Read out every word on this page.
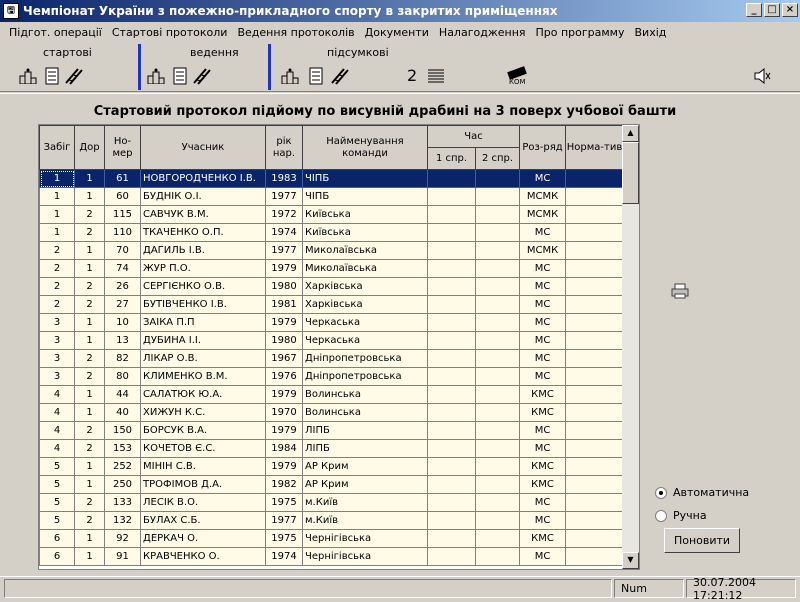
🖫 Чемпіонат України з пожежно-прикладного спорту в закритих приміщеннях	_	□ ×
Підгот. операції Стартові протоколи Ведення протоколів Документи Налагодження Про программу Вихід
стартові	ведення	підсумкові
2	КОМ
Стартовий протокол підйому по висувній драбині на 3 поверх учбової башти
Забіг	Дор	Но-мер	Учасник	рік нар.	Найменування команди	Час		Роз-ряд	Норма-тив
						1 спр.	2 спр.		
1	1	61	НОВГОРОДЧЕНКО І.В.	1983	ЧІПБ			МС	
1	1	60	БУДНІК О.І.	1977	ЧІПБ			МСМК	
1	2	115	САВЧУК В.М.	1972	Київська			МСМК	
1	2	110	ТКАЧЕНКО О.П.	1974	Київська			МС	
2	1	70	ДАГИЛЬ І.В.	1977	Миколаївська			МСМК	
2	1	74	ЖУР П.О.	1979	Миколаївська			МС	
2	2	26	СЕРГІЄНКО О.В.	1980	Харківська			МС	
2	2	27	БУТІВЧЕНКО І.В.	1981	Харківська			МС	
3	1	10	ЗАІКА П.П	1979	Черкаська			МС	
3	1	13	ДУБИНА І.І.	1980	Черкаська			МС	
3	2	82	ЛІКАР О.В.	1967	Дніпропетровська			МС	
3	2	80	КЛИМЕНКО В.М.	1976	Дніпропетровська			МС	
4	1	44	САЛАТЮК Ю.А.	1979	Волинська			КМС	
4	1	40	ХИЖУН К.С.	1970	Волинська			КМС	
4	2	150	БОРСУК В.А.	1979	ЛІПБ			МС	
4	2	153	КОЧЕТОВ Є.С.	1984	ЛІПБ			МС	
5	1	252	МІНІН С.В.	1979	АР Крим			КМС	
5	1	250	ТРОФІМОВ Д.А.	1982	АР Крим			КМС	
5	2	133	ЛЕСІК В.О.	1975	м.Київ			МС	
5	2	132	БУЛАХ С.Б.	1977	м.Київ			МС	
6	1	92	ДЕРКАЧ О.	1975	Чернігівська			КМС	
6	1	91	КРАВЧЕНКО О.	1974	Чернігівська			МС	
▲
▼
Автоматична
Ручна
Поновити
Num	30.07.2004 17:21:12
